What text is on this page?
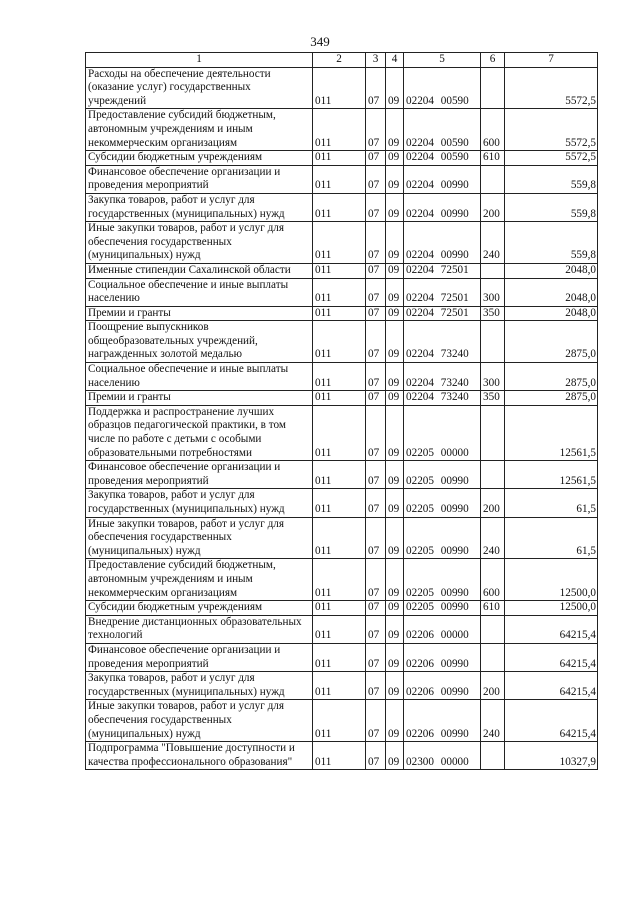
349
1	2	3	4	5	6	7
Расходы на обеспечение деятельности (оказание услуг) государственных учреждений	011	07	09	02204 00590		5572,5
Предоставление субсидий бюджетным, автономным учреждениям и иным некоммерческим организациям	011	07	09	02204 00590	600	5572,5
Субсидии бюджетным учреждениям	011	07	09	02204 00590	610	5572,5
Финансовое обеспечение организации и проведения мероприятий	011	07	09	02204 00990		559,8
Закупка товаров, работ и услуг для государственных (муниципальных) нужд	011	07	09	02204 00990	200	559,8
Иные закупки товаров, работ и услуг для обеспечения государственных (муниципальных) нужд	011	07	09	02204 00990	240	559,8
Именные стипендии Сахалинской области	011	07	09	02204 72501		2048,0
Социальное обеспечение и иные выплаты населению	011	07	09	02204 72501	300	2048,0
Премии и гранты	011	07	09	02204 72501	350	2048,0
Поощрение выпускников общеобразовательных учреждений, награжденных золотой медалью	011	07	09	02204 73240		2875,0
Социальное обеспечение и иные выплаты населению	011	07	09	02204 73240	300	2875,0
Премии и гранты	011	07	09	02204 73240	350	2875,0
Поддержка и распространение лучших образцов педагогической практики, в том числе по работе с детьми с особыми образовательными потребностями	011	07	09	02205 00000		12561,5
Финансовое обеспечение организации и проведения мероприятий	011	07	09	02205 00990		12561,5
Закупка товаров, работ и услуг для государственных (муниципальных) нужд	011	07	09	02205 00990	200	61,5
Иные закупки товаров, работ и услуг для обеспечения государственных (муниципальных) нужд	011	07	09	02205 00990	240	61,5
Предоставление субсидий бюджетным, автономным учреждениям и иным некоммерческим организациям	011	07	09	02205 00990	600	12500,0
Субсидии бюджетным учреждениям	011	07	09	02205 00990	610	12500,0
Внедрение дистанционных образовательных технологий	011	07	09	02206 00000		64215,4
Финансовое обеспечение организации и проведения мероприятий	011	07	09	02206 00990		64215,4
Закупка товаров, работ и услуг для государственных (муниципальных) нужд	011	07	09	02206 00990	200	64215,4
Иные закупки товаров, работ и услуг для обеспечения государственных (муниципальных) нужд	011	07	09	02206 00990	240	64215,4
Подпрограмма "Повышение доступности и качества профессионального образования"	011	07	09	02300 00000		10327,9
